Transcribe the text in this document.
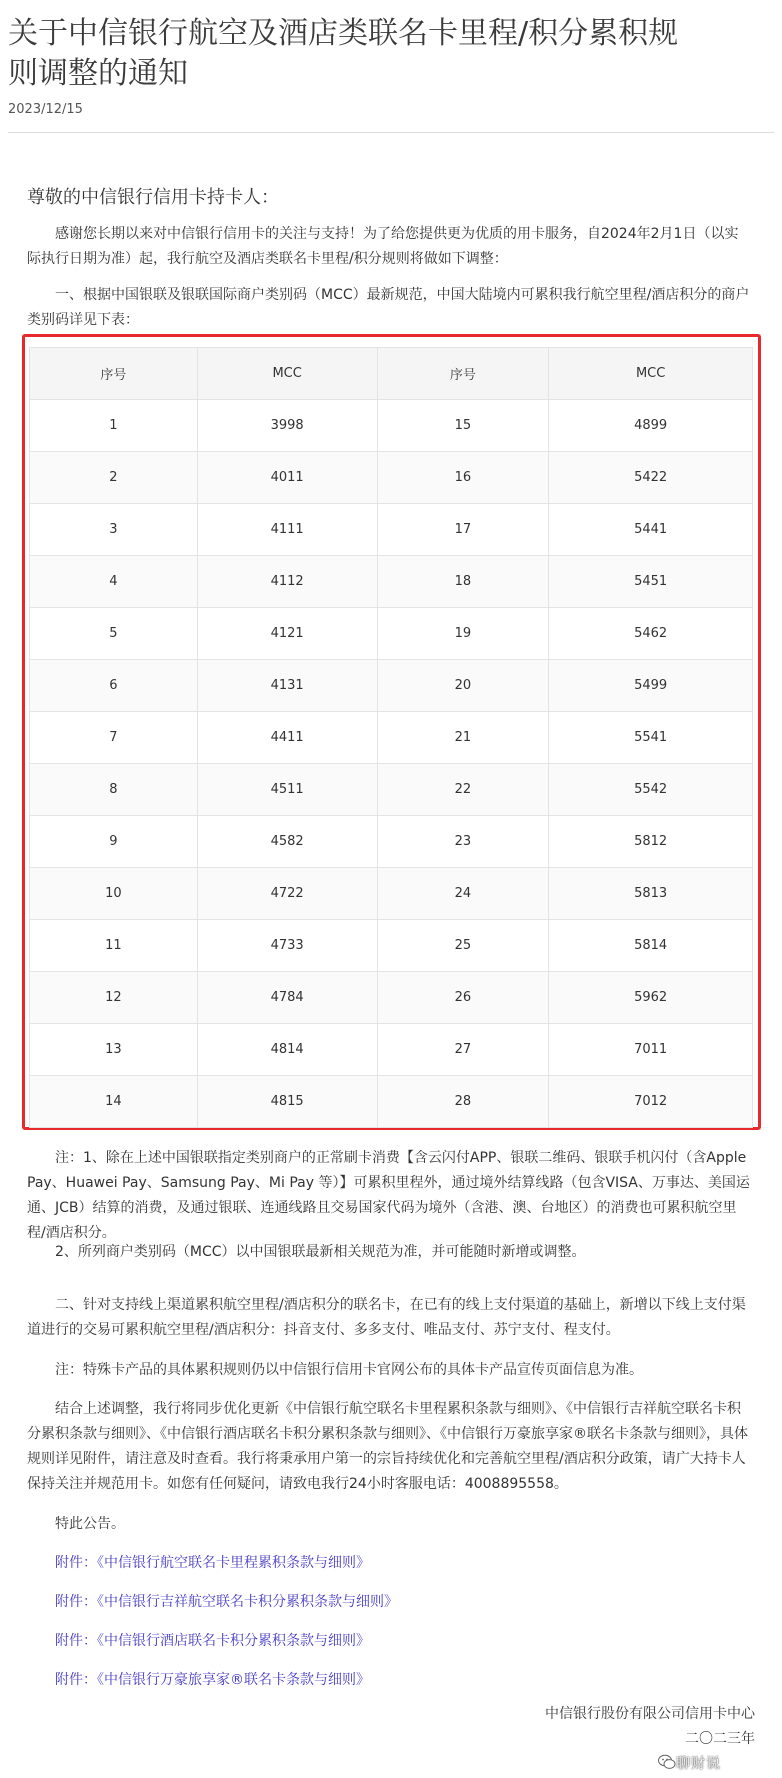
关于中信银行航空及酒店类联名卡里程/积分累积规则调整的通知
2023/12/15
尊敬的中信银行信用卡持卡人：

感谢您长期以来对中信银行信用卡的关注与支持！为了给您提供更为优质的用卡服务，自2024年2月1日（以实际执行日期为准）起，我行航空及酒店类联名卡里程/积分规则将做如下调整：

一、根据中国银联及银联国际商户类别码（MCC）最新规范，中国大陆境内可累积我行航空里程/酒店积分的商户类别码详见下表：

序号	MCC	序号	MCC
1	3998	15	4899
2	4011	16	5422
3	4111	17	5441
4	4112	18	5451
5	4121	19	5462
6	4131	20	5499
7	4411	21	5541
8	4511	22	5542
9	4582	23	5812
10	4722	24	5813
11	4733	25	5814
12	4784	26	5962
13	4814	27	7011
14	4815	28	7012

注：1、除在上述中国银联指定类别商户的正常刷卡消费【含云闪付APP、银联二维码、银联手机闪付（含Apple Pay、Huawei Pay、Samsung Pay、Mi Pay 等）】可累积里程外，通过境外结算线路（包含VISA、万事达、美国运通、JCB）结算的消费，及通过银联、连通线路且交易国家代码为境外（含港、澳、台地区）的消费也可累积航空里程/酒店积分。

2、所列商户类别码（MCC）以中国银联最新相关规范为准，并可能随时新增或调整。

二、针对支持线上渠道累积航空里程/酒店积分的联名卡，在已有的线上支付渠道的基础上，新增以下线上支付渠道进行的交易可累积航空里程/酒店积分：抖音支付、多多支付、唯品支付、苏宁支付、程支付。

注：特殊卡产品的具体累积规则仍以中信银行信用卡官网公布的具体卡产品宣传页面信息为准。

结合上述调整，我行将同步优化更新《中信银行航空联名卡里程累积条款与细则》、《中信银行吉祥航空联名卡积分累积条款与细则》、《中信银行酒店联名卡积分累积条款与细则》、《中信银行万豪旅享家®联名卡条款与细则》，具体规则详见附件，请注意及时查看。我行将秉承用户第一的宗旨持续优化和完善航空里程/酒店积分政策，请广大持卡人保持关注并规范用卡。如您有任何疑问，请致电我行24小时客服电话：4008895558。

特此公告。

附件：《中信银行航空联名卡里程累积条款与细则》
附件：《中信银行吉祥航空联名卡积分累积条款与细则》
附件：《中信银行酒店联名卡积分累积条款与细则》
附件：《中信银行万豪旅享家®联名卡条款与细则》
中信银行股份有限公司信用卡中心
二〇二三年
聊财说
